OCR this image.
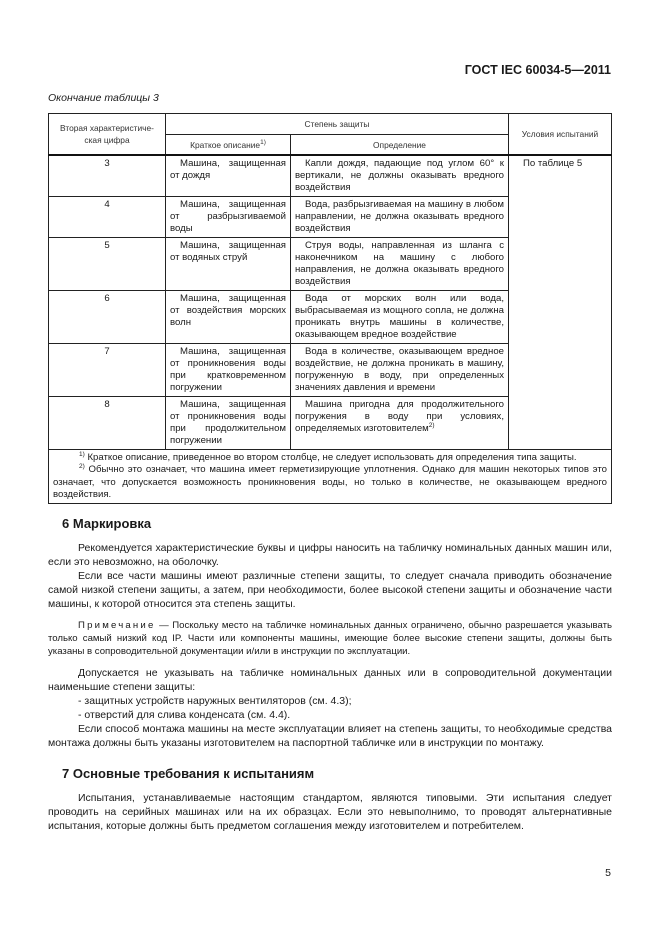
ГОСТ IEC 60034-5—2011
Окончание таблицы 3
Вторая характеристиче-ская цифра	Степень защиты		Условия испытаний
	Краткое описание$^{1)}$	Определение	
3	Машина, защищенная от дождя	Капли дождя, падающие под углом 60° к вертикали, не должны оказывать вредного воздействия	По таблице 5

4	Машина, защищенная от разбрызгиваемой воды	Вода, разбрызгиваемая на машину в любом направлении, не должна оказывать вредного воздействия	

5	Машина, защищенная от водяных струй	Струя воды, направленная из шланга с наконечником на машину с любого направления, не должна оказывать вредного воздействия	

6	Машина, защищенная от воздействия морских волн	Вода от морских волн или вода, выбрасываемая из мощного сопла, не должна проникать внутрь машины в количестве, оказывающем вредное воздействие	

7	Машина, защищенная от проникновения воды при кратковременном погружении	Вода в количестве, оказывающем вредное воздействие, не должна проникать в машину, погруженную в воду, при определенных значениях давления и времени	

8	Машина, защищенная от проникновения воды при продолжительном погружении	Машина пригодна для продолжительного погружения в воду при условиях, определяемых изготовителем$^{2)}$

$^{1)}$ Краткое описание, приведенное во втором столбце, не следует использовать для определения типа защиты.

$^{2)}$ Обычно это означает, что машина имеет герметизирующие уплотнения. Однако для машин некоторых типов это означает, что допускается возможность проникновения воды, но только в количестве, не оказывающем вредного воздействия.			

6 Маркировка

Рекомендуется характеристические буквы и цифры наносить на табличку номинальных данных машин или, если это невозможно, на оболочку.

Если все части машины имеют различные степени защиты, то следует сначала приводить обозначение самой низкой степени защиты, а затем, при необходимости, более высокой степени защиты и обозначение части машины, к которой относится эта степень защиты.

Примечание — Поскольку место на табличке номинальных данных ограничено, обычно разрешается указывать только самый низкий код IP. Части или компоненты машины, имеющие более высокие степени защиты, должны быть указаны в сопроводительной документации и/или в инструкции по эксплуатации.

Допускается не указывать на табличке номинальных данных или в сопроводительной документации наименьшие степени защиты:

- защитных устройств наружных вентиляторов (см. 4.3);

- отверстий для слива конденсата (см. 4.4).

Если способ монтажа машины на месте эксплуатации влияет на степень защиты, то необходимые средства монтажа должны быть указаны изготовителем на паспортной табличке или в инструкции по монтажу.

7 Основные требования к испытаниям

Испытания, устанавливаемые настоящим стандартом, являются типовыми. Эти испытания следует проводить на серийных машинах или на их образцах. Если это невыполнимо, то проводят альтернативные испытания, которые должны быть предметом соглашения между изготовителем и потребителем.

5
